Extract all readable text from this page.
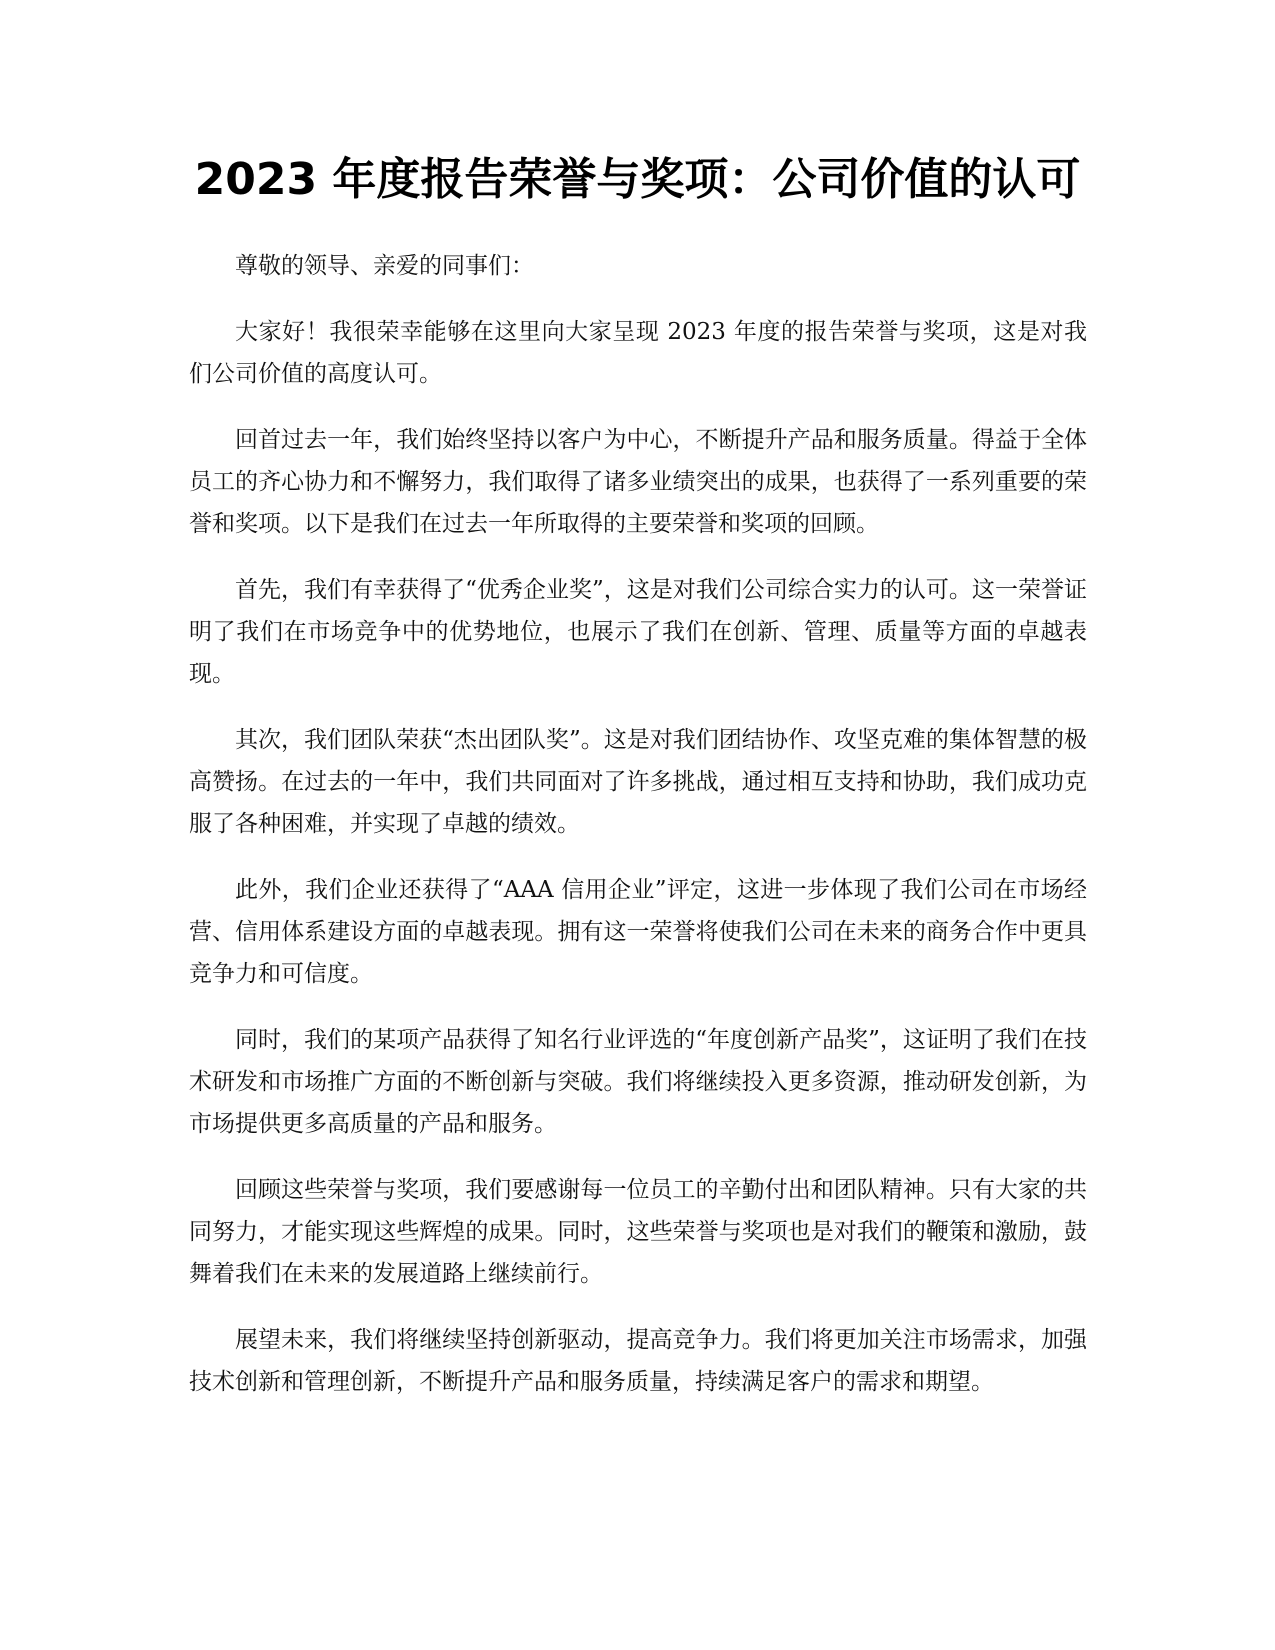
2023 年度报告荣誉与奖项：公司价值的认可

尊敬的领导、亲爱的同事们：

大家好！我很荣幸能够在这里向大家呈现 2023 年度的报告荣誉与奖项，这是对我们公司价值的高度认可。

回首过去一年，我们始终坚持以客户为中心，不断提升产品和服务质量。得益于全体员工的齐心协力和不懈努力，我们取得了诸多业绩突出的成果，也获得了一系列重要的荣誉和奖项。以下是我们在过去一年所取得的主要荣誉和奖项的回顾。

首先，我们有幸获得了“优秀企业奖”，这是对我们公司综合实力的认可。这一荣誉证明了我们在市场竞争中的优势地位，也展示了我们在创新、管理、质量等方面的卓越表现。

其次，我们团队荣获“杰出团队奖”。这是对我们团结协作、攻坚克难的集体智慧的极高赞扬。在过去的一年中，我们共同面对了许多挑战，通过相互支持和协助，我们成功克服了各种困难，并实现了卓越的绩效。

此外，我们企业还获得了“AAA 信用企业”评定，这进一步体现了我们公司在市场经营、信用体系建设方面的卓越表现。拥有这一荣誉将使我们公司在未来的商务合作中更具竞争力和可信度。

同时，我们的某项产品获得了知名行业评选的“年度创新产品奖”，这证明了我们在技术研发和市场推广方面的不断创新与突破。我们将继续投入更多资源，推动研发创新，为市场提供更多高质量的产品和服务。

回顾这些荣誉与奖项，我们要感谢每一位员工的辛勤付出和团队精神。只有大家的共同努力，才能实现这些辉煌的成果。同时，这些荣誉与奖项也是对我们的鞭策和激励，鼓舞着我们在未来的发展道路上继续前行。

展望未来，我们将继续坚持创新驱动，提高竞争力。我们将更加关注市场需求，加强技术创新和管理创新，不断提升产品和服务质量，持续满足客户的需求和期望。
